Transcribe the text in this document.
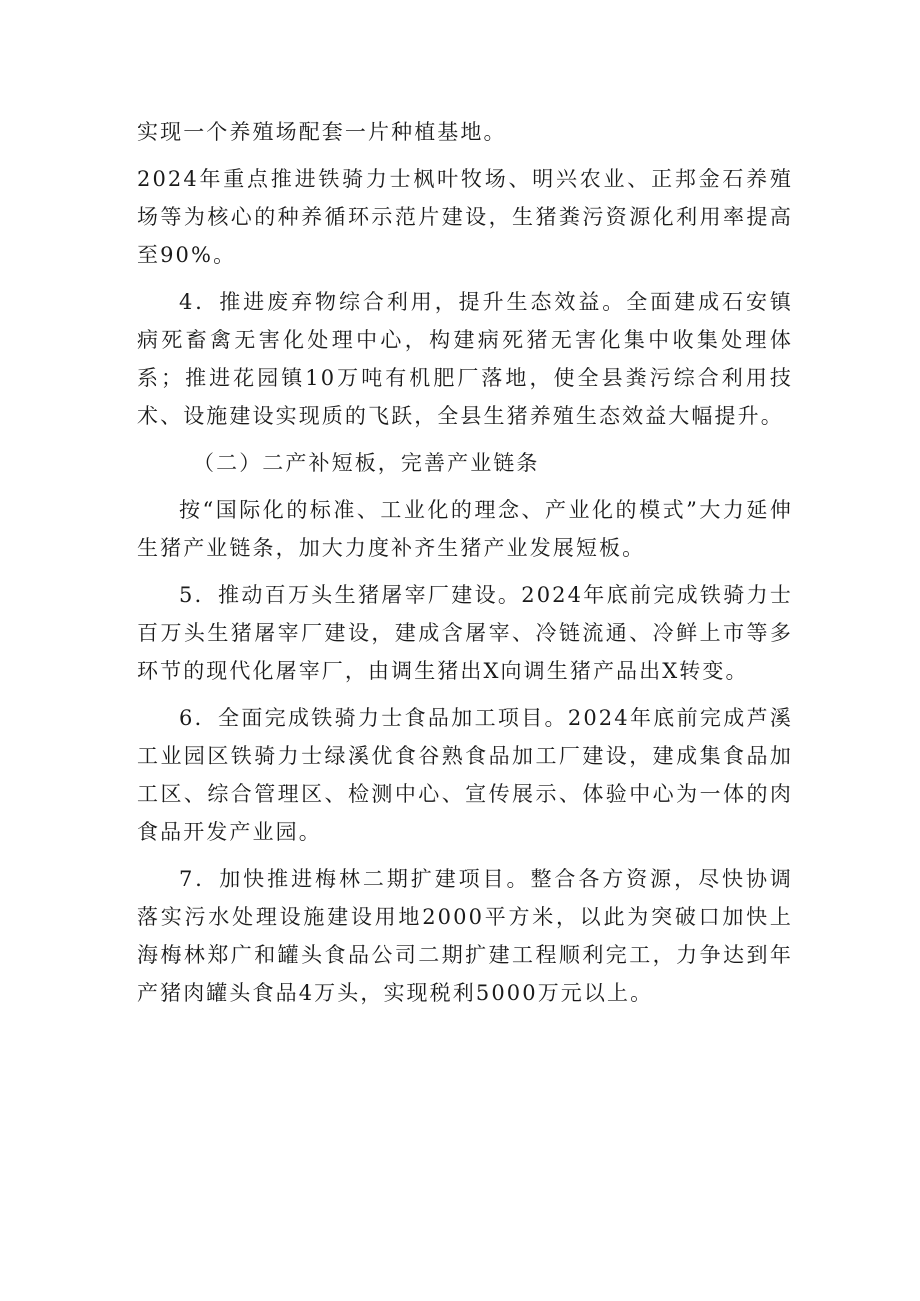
实现一个养殖场配套一片种植基地。

2024年重点推进铁骑力士枫叶牧场、明兴农业、正邦金石养殖场等为核心的种养循环示范片建设，生猪粪污资源化利用率提高至90%。

4．推进废弃物综合利用，提升生态效益。全面建成石安镇病死畜禽无害化处理中心，构建病死猪无害化集中收集处理体系；推进花园镇10万吨有机肥厂落地，使全县粪污综合利用技术、设施建设实现质的飞跃，全县生猪养殖生态效益大幅提升。

（二）二产补短板，完善产业链条

按“国际化的标准、工业化的理念、产业化的模式”大力延伸生猪产业链条，加大力度补齐生猪产业发展短板。

5．推动百万头生猪屠宰厂建设。2024年底前完成铁骑力士百万头生猪屠宰厂建设，建成含屠宰、冷链流通、冷鲜上市等多环节的现代化屠宰厂，由调生猪出X向调生猪产品出X转变。

6．全面完成铁骑力士食品加工项目。2024年底前完成芦溪工业园区铁骑力士绿溪优食谷熟食品加工厂建设，建成集食品加工区、综合管理区、检测中心、宣传展示、体验中心为一体的肉食品开发产业园。

7．加快推进梅林二期扩建项目。整合各方资源，尽快协调落实污水处理设施建设用地2000平方米，以此为突破口加快上海梅林郑广和罐头食品公司二期扩建工程顺利完工，力争达到年产猪肉罐头食品4万头，实现税利5000万元以上。
